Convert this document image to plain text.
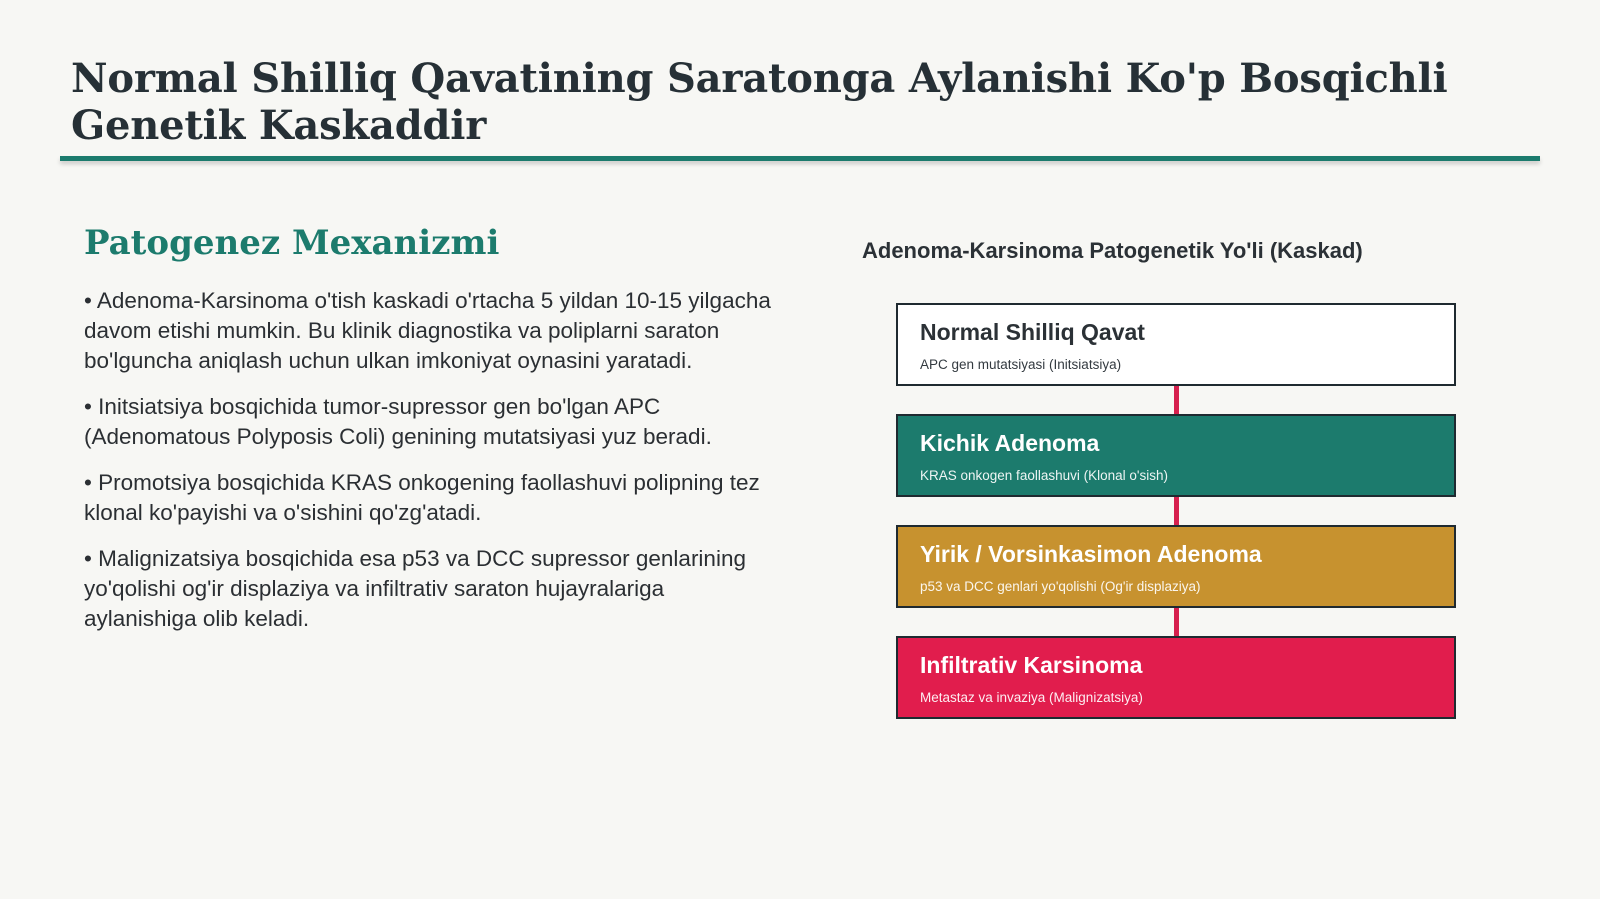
Normal Shilliq Qavatining Saratonga Aylanishi Ko'p Bosqichli Genetik Kaskaddir
Patogenez Mexanizmi
• Adenoma-Karsinoma o'tish kaskadi o'rtacha 5 yildan 10-15 yilgacha davom etishi mumkin. Bu klinik diagnostika va poliplarni saraton bo'lguncha aniqlash uchun ulkan imkoniyat oynasini yaratadi.
• Initsiatsiya bosqichida tumor-supressor gen bo'lgan APC (Adenomatous Polyposis Coli) genining mutatsiyasi yuz beradi.
• Promotsiya bosqichida KRAS onkogening faollashuvi polipning tez klonal ko'payishi va o'sishini qo'zg'atadi.
• Malignizatsiya bosqichida esa p53 va DCC supressor genlarining yo'qolishi og'ir displaziya va infiltrativ saraton hujayralariga aylanishiga olib keladi.
Adenoma-Karsinoma Patogenetik Yo'li (Kaskad)
Normal Shilliq Qavat
APC gen mutatsiyasi (Initsiatsiya)
Kichik Adenoma
KRAS onkogen faollashuvi (Klonal o'sish)
Yirik / Vorsinkasimon Adenoma
p53 va DCC genlari yo'qolishi (Og'ir displaziya)
Infiltrativ Karsinoma
Metastaz va invaziya (Malignizatsiya)
